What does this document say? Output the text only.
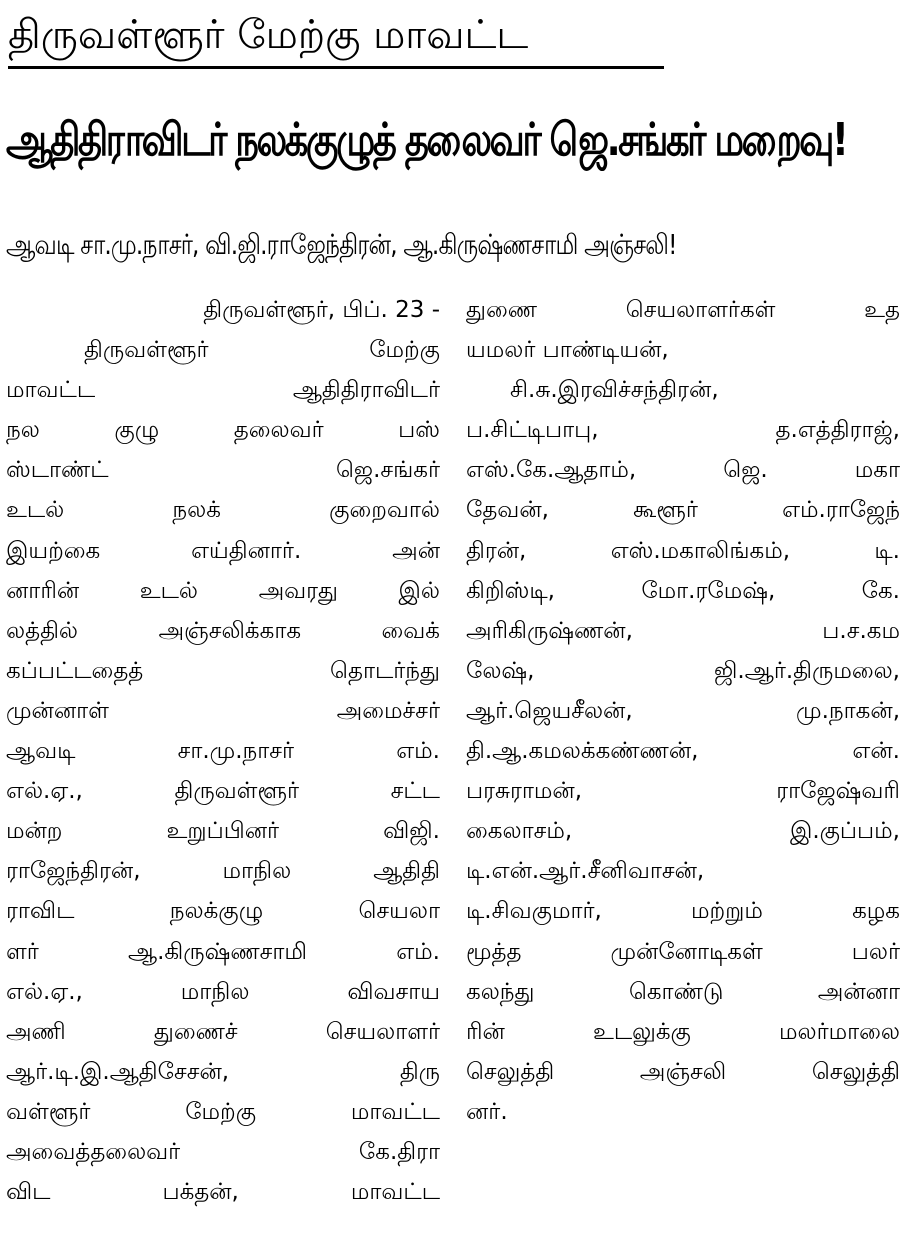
திருவள்ளூர் மேற்கு மாவட்ட
ஆதிதிராவிடர் நலக்குழுத் தலைவர் ஜெ.சங்கர் மறைவு!
ஆவடி சா.மு.நாசர், வி.ஜி.ராஜேந்திரன், ஆ.கிருஷ்ணசாமி அஞ்சலி!
திருவள்ளூர், பிப். 23 -
திருவள்ளூர் மேற்கு
மாவட்ட ஆதிதிராவிடர்
நல குழு தலைவர் பஸ்
ஸ்டாண்ட் ஜெ.சங்கர்
உடல் நலக் குறைவால்
இயற்கை எய்தினார். அன்
னாரின் உடல் அவரது இல்
லத்தில் அஞ்சலிக்காக வைக்
கப்பட்டதைத் தொடர்ந்து
முன்னாள் அமைச்சர்
ஆவடி சா.மு.நாசர் எம்.
எல்.ஏ., திருவள்ளூர் சட்ட
மன்ற உறுப்பினர் விஜி.
ராஜேந்திரன், மாநில ஆதிதி
ராவிட நலக்குழு செயலா
ளர் ஆ.கிருஷ்ணசாமி எம்.
எல்.ஏ., மாநில விவசாய
அணி துணைச் செயலாளர்
ஆர்.டி.இ.ஆதிசேசன், திரு
வள்ளூர் மேற்கு மாவட்ட
அவைத்தலைவர் கே.திரா
விட பக்தன், மாவட்ட
துணை செயலாளர்கள் உத
யமலர் பாண்டியன்,
சி.சு.இரவிச்சந்திரன்,
ப.சிட்டிபாபு, த.எத்திராஜ்,
எஸ்.கே.ஆதாம், ஜெ. மகா
தேவன், கூளூர் எம்.ராஜேந்
திரன், எஸ்.மகாலிங்கம், டி.
கிறிஸ்டி, மோ.ரமேஷ், கே.
அரிகிருஷ்ணன், ப.ச.கம
லேஷ், ஜி.ஆர்.திருமலை,
ஆர்.ஜெயசீலன், மு.நாகன்,
தி.ஆ.கமலக்கண்ணன், என்.
பரசுராமன், ராஜேஷ்வரி
கைலாசம், இ.குப்பம்,
டி.என்.ஆர்.சீனிவாசன்,
டி.சிவகுமார், மற்றும் கழக
மூத்த முன்னோடிகள் பலர்
கலந்து கொண்டு அன்னா
ரின் உடலுக்கு மலர்மாலை
செலுத்தி அஞ்சலி செலுத்தி
னர்.
